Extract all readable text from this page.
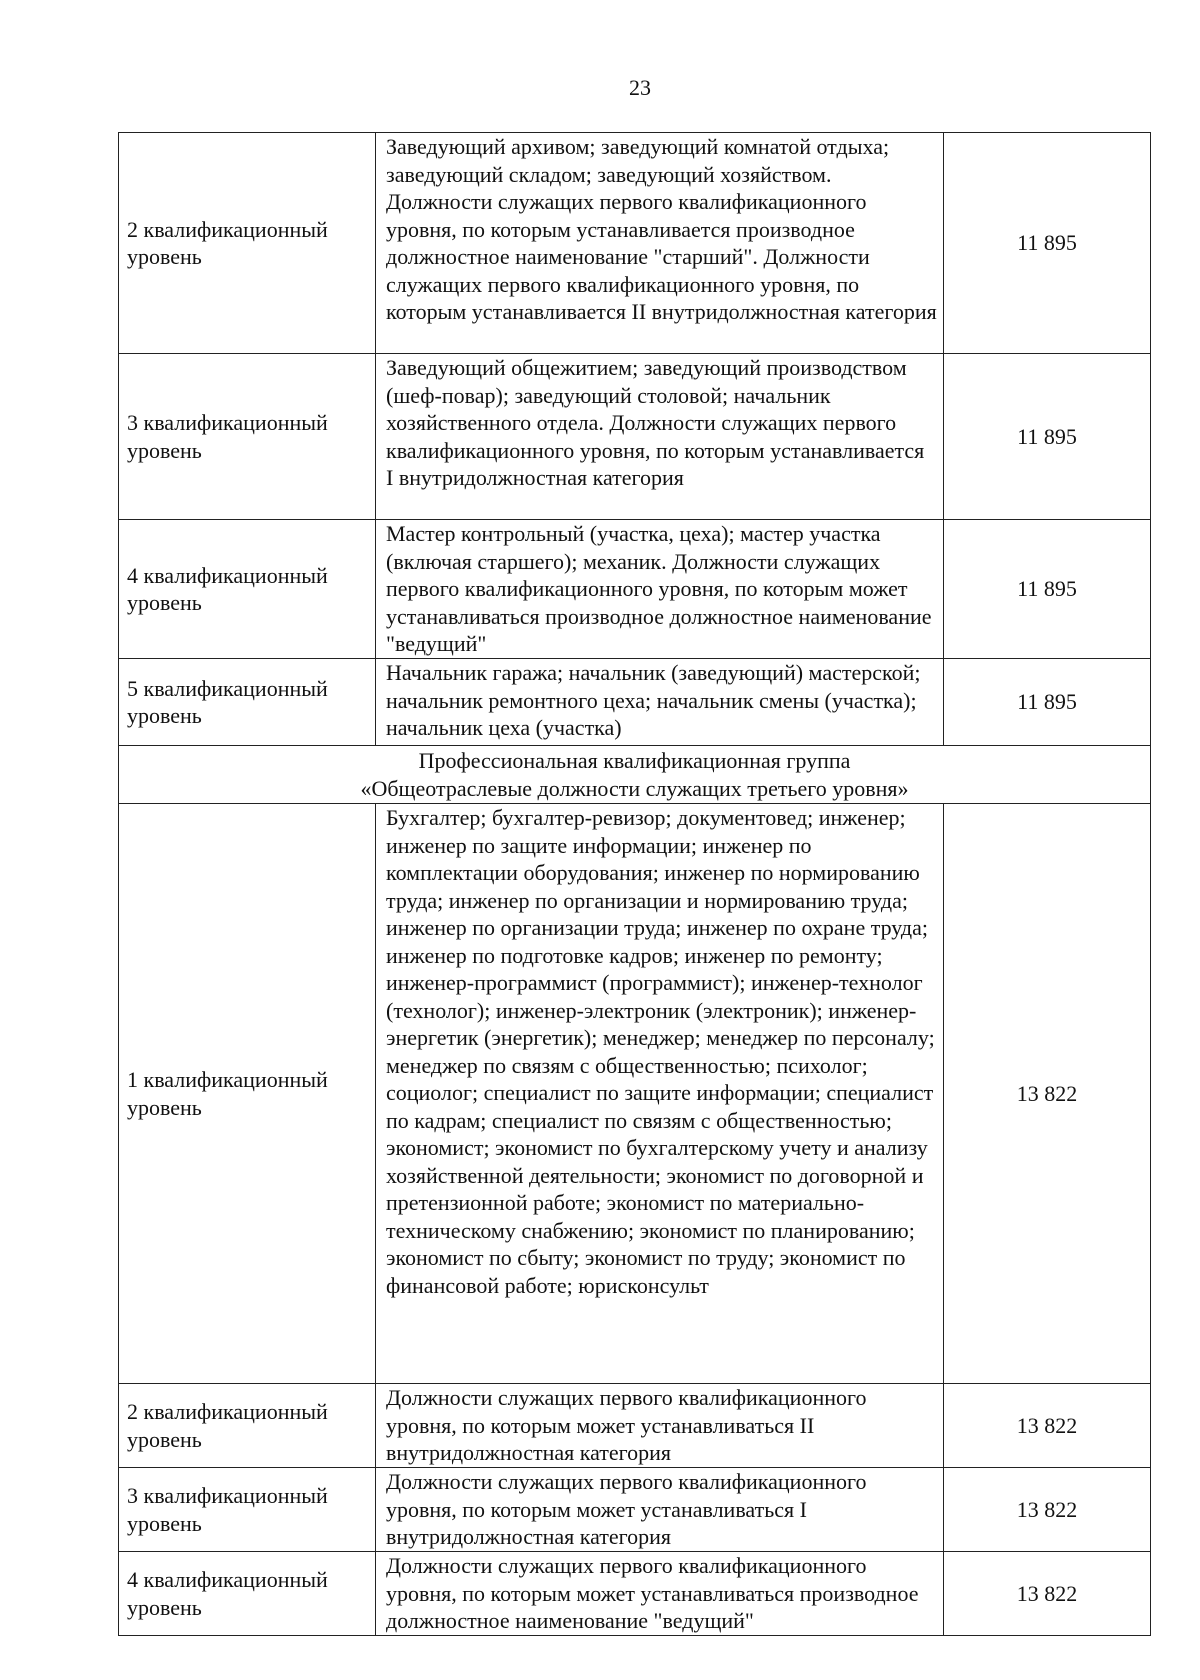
23
2 квалификационный уровень	Заведующий архивом; заведующий комнатой отдыха; заведующий складом; заведующий хозяйством. Должности служащих первого квалификационного уровня, по которым устанавливается производное должностное наименование "старший". Должности служащих первого квалификационного уровня, по которым устанавливается II внутридолжностная категория	11 895
3 квалификационный уровень	Заведующий общежитием; заведующий производством (шеф-повар); заведующий столовой; начальник хозяйственного отдела. Должности служащих первого квалификационного уровня, по которым устанавливается I внутридолжностная категория	11 895
4 квалификационный уровень	Мастер контрольный (участка, цеха); мастер участка (включая старшего); механик. Должности служащих первого квалификационного уровня, по которым может устанавливаться производное должностное наименование "ведущий"	11 895
5 квалификационный уровень	Начальник гаража; начальник (заведующий) мастерской; начальник ремонтного цеха; начальник смены (участка); начальник цеха (участка)	11 895

Профессиональная квалификационная группа
«Общеотраслевые должности служащих третьего уровня»		

1 квалификационный уровень	Бухгалтер; бухгалтер-ревизор; документовед; инженер; инженер по защите информации; инженер по комплектации оборудования; инженер по нормированию труда; инженер по организации и нормированию труда; инженер по организации труда; инженер по охране труда; инженер по подготовке кадров; инженер по ремонту; инженер-программист (программист); инженер-технолог (технолог); инженер-электроник (электроник); инженер-энергетик (энергетик); менеджер; менеджер по персоналу; менеджер по связям с общественностью; психолог; социолог; специалист по защите информации; специалист по кадрам; специалист по связям с общественностью; экономист; экономист по бухгалтерскому учету и анализу хозяйственной деятельности; экономист по договорной и претензионной работе; экономист по материально-техническому снабжению; экономист по планированию; экономист по сбыту; экономист по труду; экономист по финансовой работе; юрисконсульт	13 822
2 квалификационный уровень	Должности служащих первого квалификационного уровня, по которым может устанавливаться II внутридолжностная категория	13 822
3 квалификационный уровень	Должности служащих первого квалификационного уровня, по которым может устанавливаться I внутридолжностная категория	13 822
4 квалификационный уровень	Должности служащих первого квалификационного уровня, по которым может устанавливаться производное должностное наименование "ведущий"	13 822
